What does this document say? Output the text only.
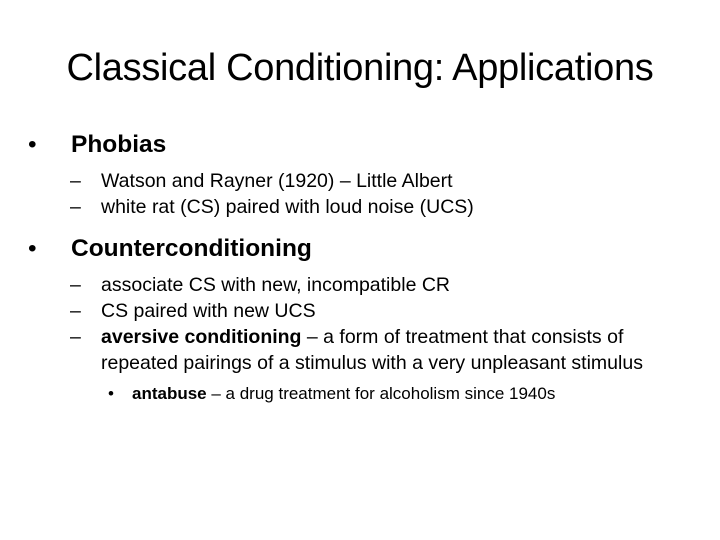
Classical Conditioning: Applications
• Phobias
– Watson and Rayner (1920) – Little Albert
– white rat (CS) paired with loud noise (UCS)
• Counterconditioning
– associate CS with new, incompatible CR
– CS paired with new UCS
– aversive conditioning – a form of treatment that consists of repeated pairings of a stimulus with a very unpleasant stimulus
• antabuse – a drug treatment for alcoholism since 1940s
